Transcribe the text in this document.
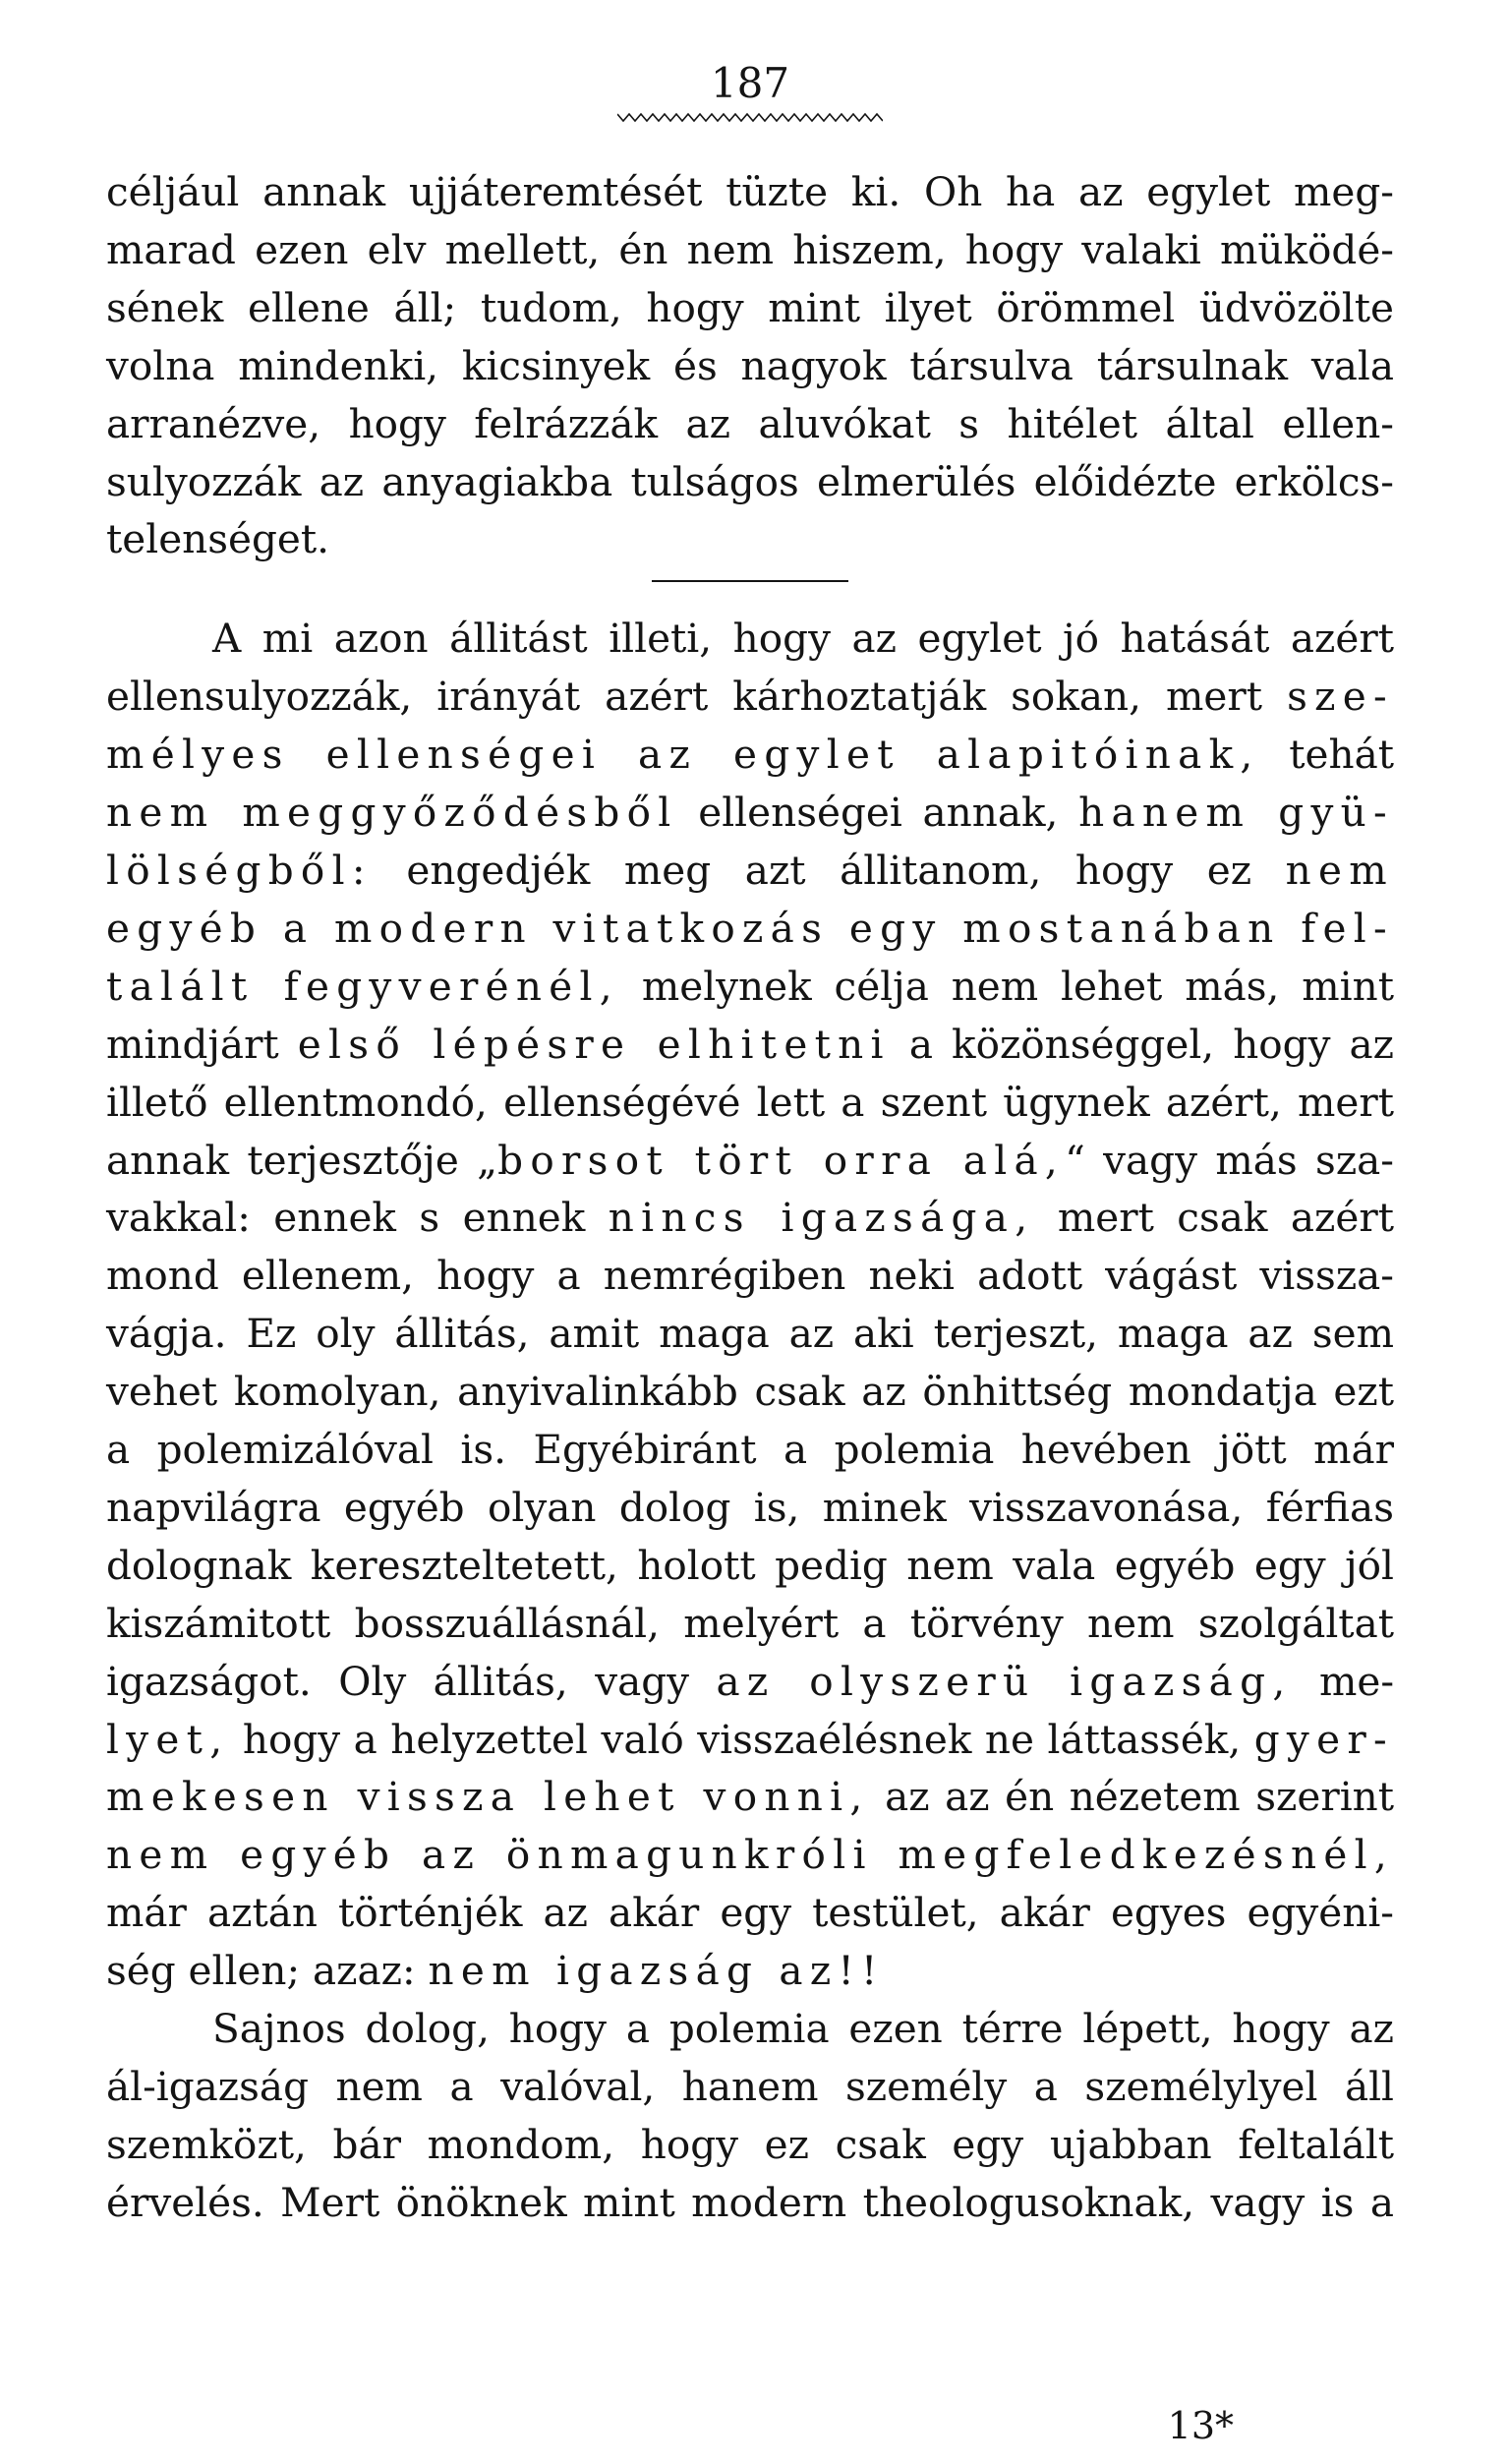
187
céljául annak ujjáteremtését tüzte ki. Oh ha az egylet meg-
marad ezen elv mellett, én nem hiszem, hogy valaki müködé-
sének ellene áll; tudom, hogy mint ilyet örömmel üdvözölte
volna mindenki, kicsinyek és nagyok társulva társulnak vala
arranézve, hogy felrázzák az aluvókat s hitélet által ellen-
sulyozzák az anyagiakba tulságos elmerülés előidézte erkölcs-
telenséget.
A mi azon állitást illeti, hogy az egylet jó hatását azért
ellensulyozzák, irányát azért kárhoztatják sokan, mert sze-
mélyes ellenségei az egylet alapitóinak, tehát
nem meggyőződésből ellenségei annak, hanem gyü-
lölségből: engedjék meg azt állitanom, hogy ez nem
egyéb a modern vitatkozás egy mostanában fel-
talált fegyverénél, melynek célja nem lehet más, mint
mindjárt első lépésre elhitetni a közönséggel, hogy az
illető ellentmondó, ellenségévé lett a szent ügynek azért, mert
annak terjesztője „borsot tört orra alá,“ vagy más sza-
vakkal: ennek s ennek nincs igazsága, mert csak azért
mond ellenem, hogy a nemrégiben neki adott vágást vissza-
vágja. Ez oly állitás, amit maga az aki terjeszt, maga az sem
vehet komolyan, anyivalinkább csak az önhittség mondatja ezt
a polemizálóval is. Egyébiránt a polemia hevében jött már
napvilágra egyéb olyan dolog is, minek visszavonása, férfias
dolognak kereszteltetett, holott pedig nem vala egyéb egy jól
kiszámitott bosszuállásnál, melyért a törvény nem szolgáltat
igazságot. Oly állitás, vagy az olyszerü igazság, me-
lyet, hogy a helyzettel való visszaélésnek ne láttassék, gyer-
mekesen vissza lehet vonni, az az én nézetem szerint
nem egyéb az önmagunkróli megfeledkezésnél,
már aztán történjék az akár egy testület, akár egyes egyéni-
ség ellen; azaz: nem igazság az!!
Sajnos dolog, hogy a polemia ezen térre lépett, hogy az
ál-igazság nem a valóval, hanem személy a személylyel áll
szemközt, bár mondom, hogy ez csak egy ujabban feltalált
érvelés. Mert önöknek mint modern theologusoknak, vagy is a
13*
